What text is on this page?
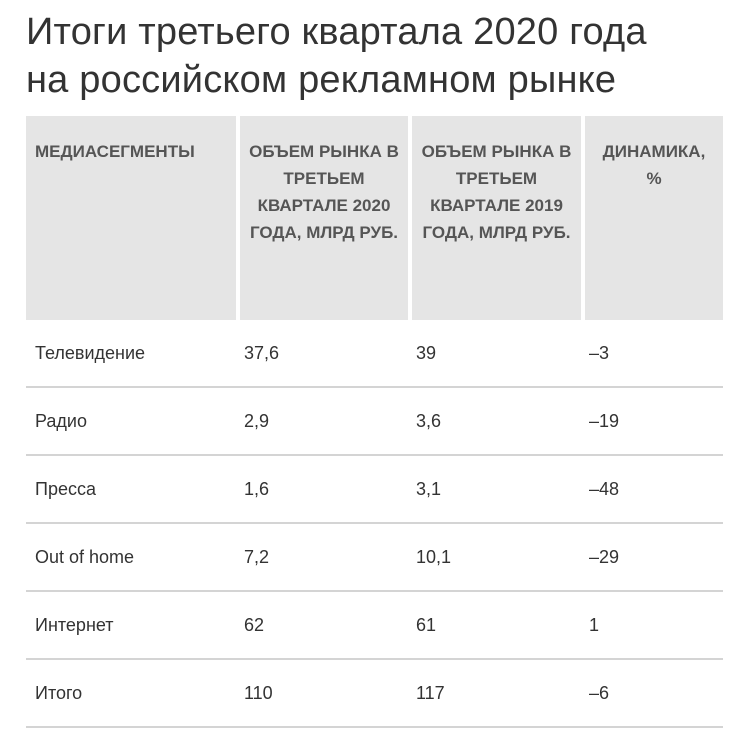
Итоги третьего квартала 2020 года
на российском рекламном рынке
МЕДИАСЕГМЕНТЫ	ОБЪЕМ РЫНКА В ТРЕТЬЕМ КВАРТАЛЕ 2020 ГОДА, МЛРД РУБ.	ОБЪЕМ РЫНКА В ТРЕТЬЕМ КВАРТАЛЕ 2019 ГОДА, МЛРД РУБ.	ДИНАМИКА, %
Телевидение	37,6	39	–3
Радио	2,9	3,6	–19
Пресса	1,6	3,1	–48
Out of home	7,2	10,1	–29
Интернет	62	61	1
Итого	110	117	–6
